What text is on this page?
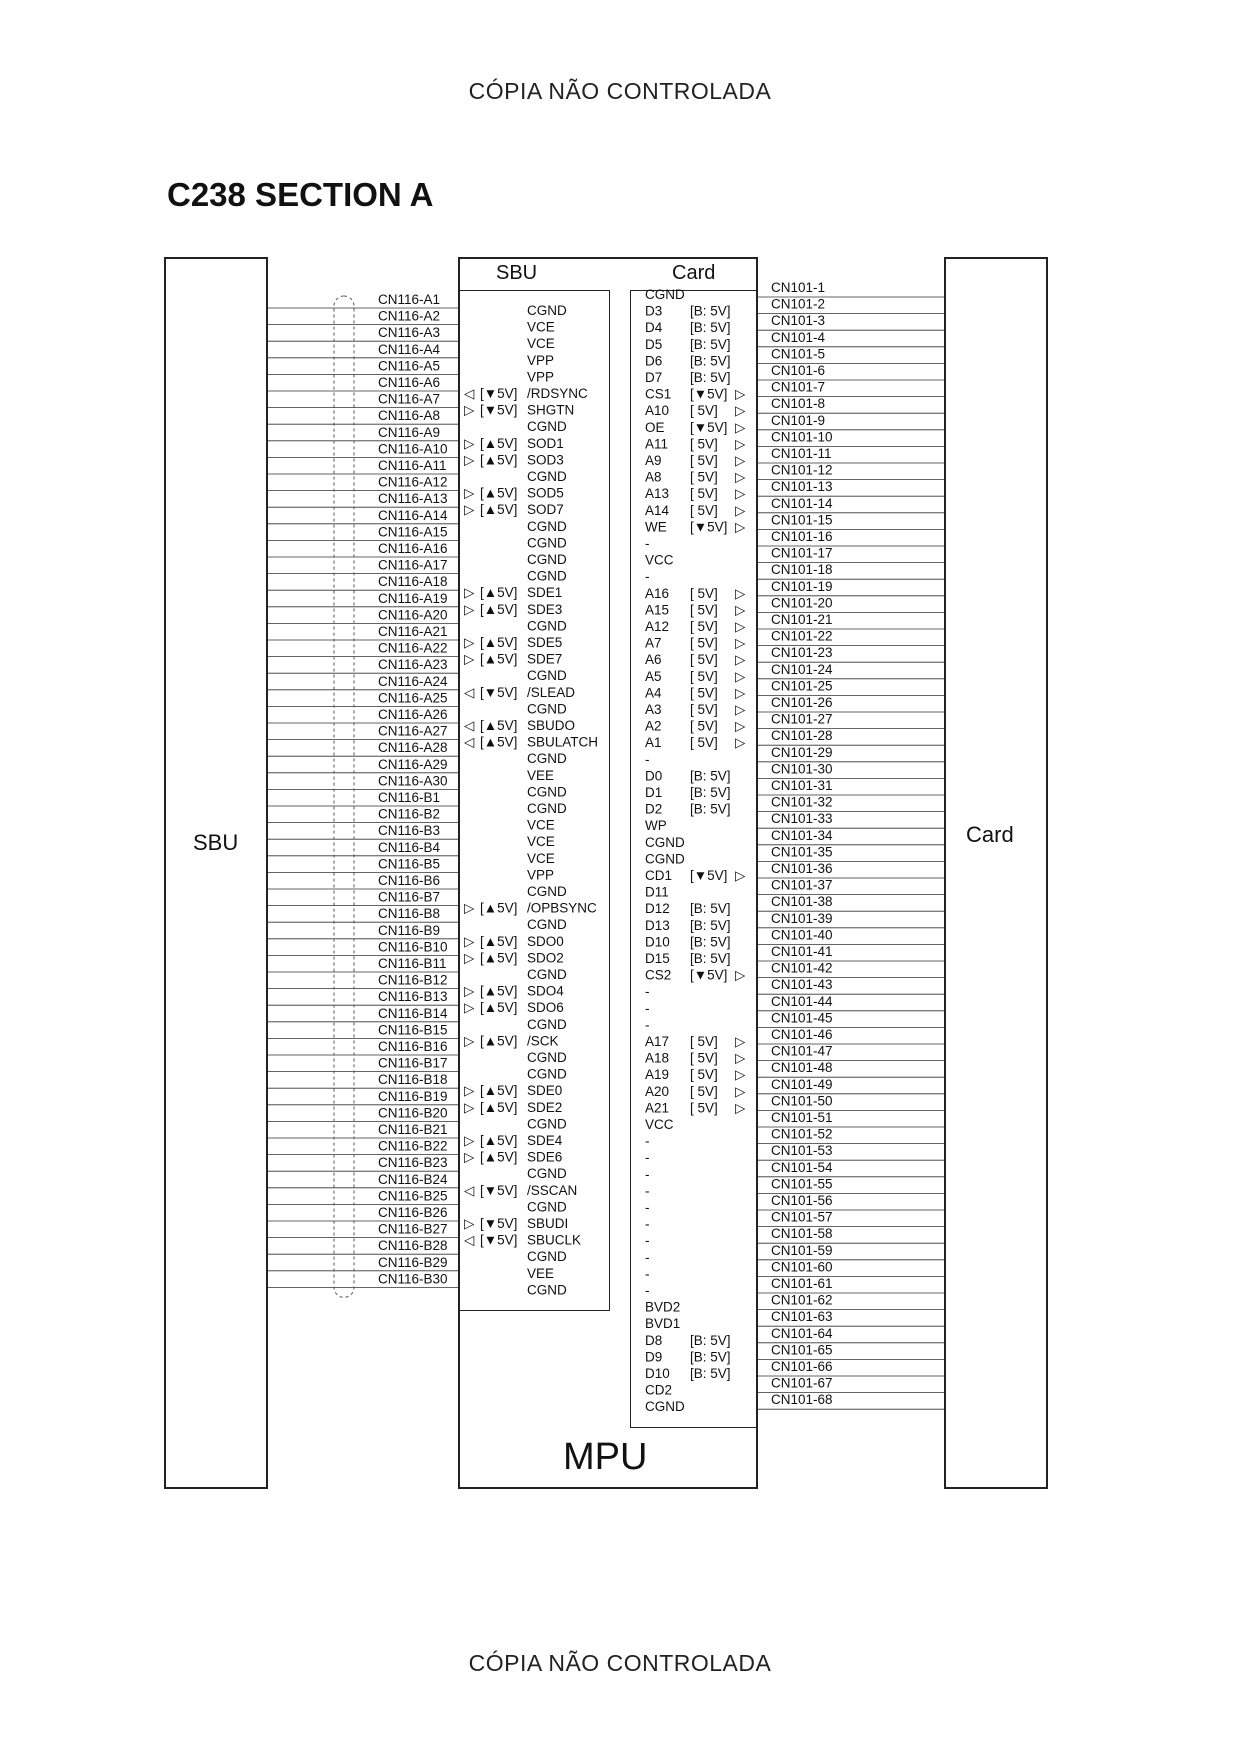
CÓPIA NÃO CONTROLADA
C238 SECTION A
SBU	Card
SBU	Card
MPU
CN116-A1
CN116-A2
CN116-A3
CN116-A4
CN116-A5
CN116-A6
CN116-A7
CN116-A8
CN116-A9
CN116-A10
CN116-A11
CN116-A12
CN116-A13
CN116-A14
CN116-A15
CN116-A16
CN116-A17
CN116-A18
CN116-A19
CN116-A20
CN116-A21
CN116-A22
CN116-A23
CN116-A24
CN116-A25
CN116-A26
CN116-A27
CN116-A28
CN116-A29
CN116-A30
CN116-B1
CN116-B2
CN116-B3
CN116-B4
CN116-B5
CN116-B6
CN116-B7
CN116-B8
CN116-B9
CN116-B10
CN116-B11
CN116-B12
CN116-B13
CN116-B14
CN116-B15
CN116-B16
CN116-B17
CN116-B18
CN116-B19
CN116-B20
CN116-B21
CN116-B22
CN116-B23
CN116-B24
CN116-B25
CN116-B26
CN116-B27
CN116-B28
CN116-B29
CN116-B30
CGND
VCE
VCE
VPP
VPP
◁ [▼5V] /RDSYNC
▷ [▼5V] SHGTN
CGND
▷ [▲5V] SOD1
▷ [▲5V] SOD3
CGND
▷ [▲5V] SOD5
▷ [▲5V] SOD7
CGND
CGND
CGND
CGND
▷ [▲5V] SDE1
▷ [▲5V] SDE3
CGND
▷ [▲5V] SDE5
▷ [▲5V] SDE7
CGND
◁ [▼5V] /SLEAD
CGND
◁ [▲5V] SBUDO
◁ [▲5V] SBULATCH
CGND
VEE
CGND
CGND
VCE
VCE
VCE
VPP
CGND
▷ [▲5V] /OPBSYNC
CGND
▷ [▲5V] SDO0
▷ [▲5V] SDO2
CGND
▷ [▲5V] SDO4
▷ [▲5V] SDO6
CGND
▷ [▲5V] /SCK
CGND
CGND
▷ [▲5V] SDE0
▷ [▲5V] SDE2
CGND
▷ [▲5V] SDE4
▷ [▲5V] SDE6
CGND
◁ [▼5V] /SSCAN
CGND
▷ [▼5V] SBUDI
◁ [▼5V] SBUCLK
CGND
VEE
CGND
CGND
D3 [B: 5V]
D4 [B: 5V]
D5 [B: 5V]
D6 [B: 5V]
D7 [B: 5V]
CS1 [▼5V] ▷
A10 [ 5V] ▷
OE [▼5V] ▷
A11 [ 5V] ▷
A9 [ 5V] ▷
A8 [ 5V] ▷
A13 [ 5V] ▷
A14 [ 5V] ▷
WE [▼5V] ▷
-
VCC
-
A16 [ 5V] ▷
A15 [ 5V] ▷
A12 [ 5V] ▷
A7 [ 5V] ▷
A6 [ 5V] ▷
A5 [ 5V] ▷
A4 [ 5V] ▷
A3 [ 5V] ▷
A2 [ 5V] ▷
A1 [ 5V] ▷
-
D0 [B: 5V]
D1 [B: 5V]
D2 [B: 5V]
WP
CGND
CGND
CD1 [▼5V] ▷
D11
D12 [B: 5V]
D13 [B: 5V]
D10 [B: 5V]
D15 [B: 5V]
CS2 [▼5V] ▷
-
-
-
A17 [ 5V] ▷
A18 [ 5V] ▷
A19 [ 5V] ▷
A20 [ 5V] ▷
A21 [ 5V] ▷
VCC
-
-
-
-
-
-
-
-
-
-
BVD2
BVD1
D8 [B: 5V]
D9 [B: 5V]
D10 [B: 5V]
CD2
CGND
CN101-1
CN101-2
CN101-3
CN101-4
CN101-5
CN101-6
CN101-7
CN101-8
CN101-9
CN101-10
CN101-11
CN101-12
CN101-13
CN101-14
CN101-15
CN101-16
CN101-17
CN101-18
CN101-19
CN101-20
CN101-21
CN101-22
CN101-23
CN101-24
CN101-25
CN101-26
CN101-27
CN101-28
CN101-29
CN101-30
CN101-31
CN101-32
CN101-33
CN101-34
CN101-35
CN101-36
CN101-37
CN101-38
CN101-39
CN101-40
CN101-41
CN101-42
CN101-43
CN101-44
CN101-45
CN101-46
CN101-47
CN101-48
CN101-49
CN101-50
CN101-51
CN101-52
CN101-53
CN101-54
CN101-55
CN101-56
CN101-57
CN101-58
CN101-59
CN101-60
CN101-61
CN101-62
CN101-63
CN101-64
CN101-65
CN101-66
CN101-67
CN101-68
CÓPIA NÃO CONTROLADA
